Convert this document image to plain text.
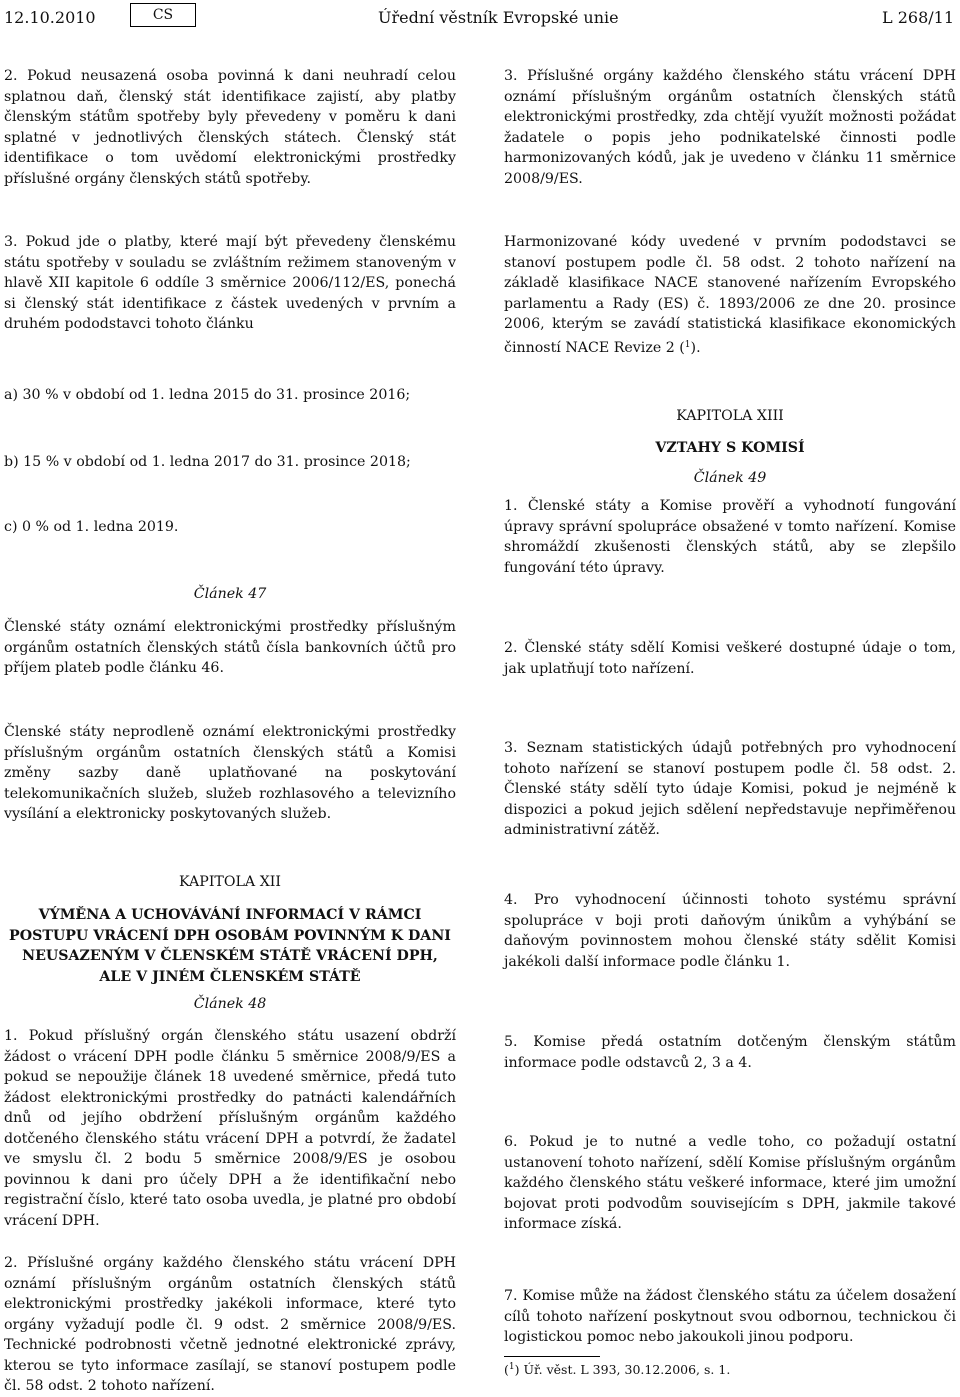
12.10.2010	CS	Úřední věstník Evropské unie	L 268/11

2. Pokud neusazená osoba povinná k dani neuhradí celou splatnou daň, členský stát identifikace zajistí, aby platby členským státům spotřeby byly převedeny v poměru k dani splatné v jednotlivých členských státech. Členský stát identifikace o tom uvědomí elektronickými prostředky příslušné orgány členských států spotřeby.

3. Pokud jde o platby, které mají být převedeny členskému státu spotřeby v souladu se zvláštním režimem stanoveným v hlavě XII kapitole 6 oddíle 3 směrnice 2006/112/ES, ponechá si členský stát identifikace z částek uvedených v prvním a druhém pododstavci tohoto článku

a) 30 % v období od 1. ledna 2015 do 31. prosince 2016;

b) 15 % v období od 1. ledna 2017 do 31. prosince 2018;

c) 0 % od 1. ledna 2019.

Článek 47

Členské státy oznámí elektronickými prostředky příslušným orgánům ostatních členských států čísla bankovních účtů pro příjem plateb podle článku 46.

Členské státy neprodleně oznámí elektronickými prostředky příslušným orgánům ostatních členských států a Komisi změny sazby daně uplatňované na poskytování telekomunikačních služeb, služeb rozhlasového a televizního vysílání a elektronicky poskytovaných služeb.

KAPITOLA XII

VÝMĚNA A UCHOVÁVÁNÍ INFORMACÍ V RÁMCI POSTUPU VRÁCENÍ DPH OSOBÁM POVINNÝM K DANI NEUSAZENÝM V ČLENSKÉM STÁTĚ VRÁCENÍ DPH, ALE V JINÉM ČLENSKÉM STÁTĚ

Článek 48

1. Pokud příslušný orgán členského státu usazení obdrží žádost o vrácení DPH podle článku 5 směrnice 2008/9/ES a pokud se nepoužije článek 18 uvedené směrnice, předá tuto žádost elektronickými prostředky do patnácti kalendářních dnů od jejího obdržení příslušným orgánům každého dotčeného členského státu vrácení DPH a potvrdí, že žadatel ve smyslu čl. 2 bodu 5 směrnice 2008/9/ES je osobou povinnou k dani pro účely DPH a že identifikační nebo registrační číslo, které tato osoba uvedla, je platné pro období vrácení DPH.

2. Příslušné orgány každého členského státu vrácení DPH oznámí příslušným orgánům ostatních členských států elektronickými prostředky jakékoli informace, které tyto orgány vyžadují podle čl. 9 odst. 2 směrnice 2008/9/ES. Technické podrobnosti včetně jednotné elektronické zprávy, kterou se tyto informace zasílají, se stanoví postupem podle čl. 58 odst. 2 tohoto nařízení.

3. Příslušné orgány každého členského státu vrácení DPH oznámí příslušným orgánům ostatních členských států elektronickými prostředky, zda chtějí využít možnosti požádat žadatele o popis jeho podnikatelské činnosti podle harmonizovaných kódů, jak je uvedeno v článku 11 směrnice 2008/9/ES.

Harmonizované kódy uvedené v prvním pododstavci se stanoví postupem podle čl. 58 odst. 2 tohoto nařízení na základě klasifikace NACE stanovené nařízením Evropského parlamentu a Rady (ES) č. 1893/2006 ze dne 20. prosince 2006, kterým se zavádí statistická klasifikace ekonomických činností NACE Revize 2 ($^1$).

KAPITOLA XIII

VZTAHY S KOMISÍ

Článek 49

1. Členské státy a Komise prověří a vyhodnotí fungování úpravy správní spolupráce obsažené v tomto nařízení. Komise shromáždí zkušenosti členských států, aby se zlepšilo fungování této úpravy.

2. Členské státy sdělí Komisi veškeré dostupné údaje o tom, jak uplatňují toto nařízení.

3. Seznam statistických údajů potřebných pro vyhodnocení tohoto nařízení se stanoví postupem podle čl. 58 odst. 2. Členské státy sdělí tyto údaje Komisi, pokud je nejméně k dispozici a pokud jejich sdělení nepředstavuje nepřiměřenou administrativní zátěž.

4. Pro vyhodnocení účinnosti tohoto systému správní spolupráce v boji proti daňovým únikům a vyhýbání se daňovým povinnostem mohou členské státy sdělit Komisi jakékoli další informace podle článku 1.

5. Komise předá ostatním dotčeným členským státům informace podle odstavců 2, 3 a 4.

6. Pokud je to nutné a vedle toho, co požadují ostatní ustanovení tohoto nařízení, sdělí Komise příslušným orgánům každého členského státu veškeré informace, které jim umožní bojovat proti podvodům souvisejícím s DPH, jakmile takové informace získá.

7. Komise může na žádost členského státu za účelem dosažení cílů tohoto nařízení poskytnout svou odbornou, technickou či logistickou pomoc nebo jakoukoli jinou podporu.

($^1$) Úř. věst. L 393, 30.12.2006, s. 1.
